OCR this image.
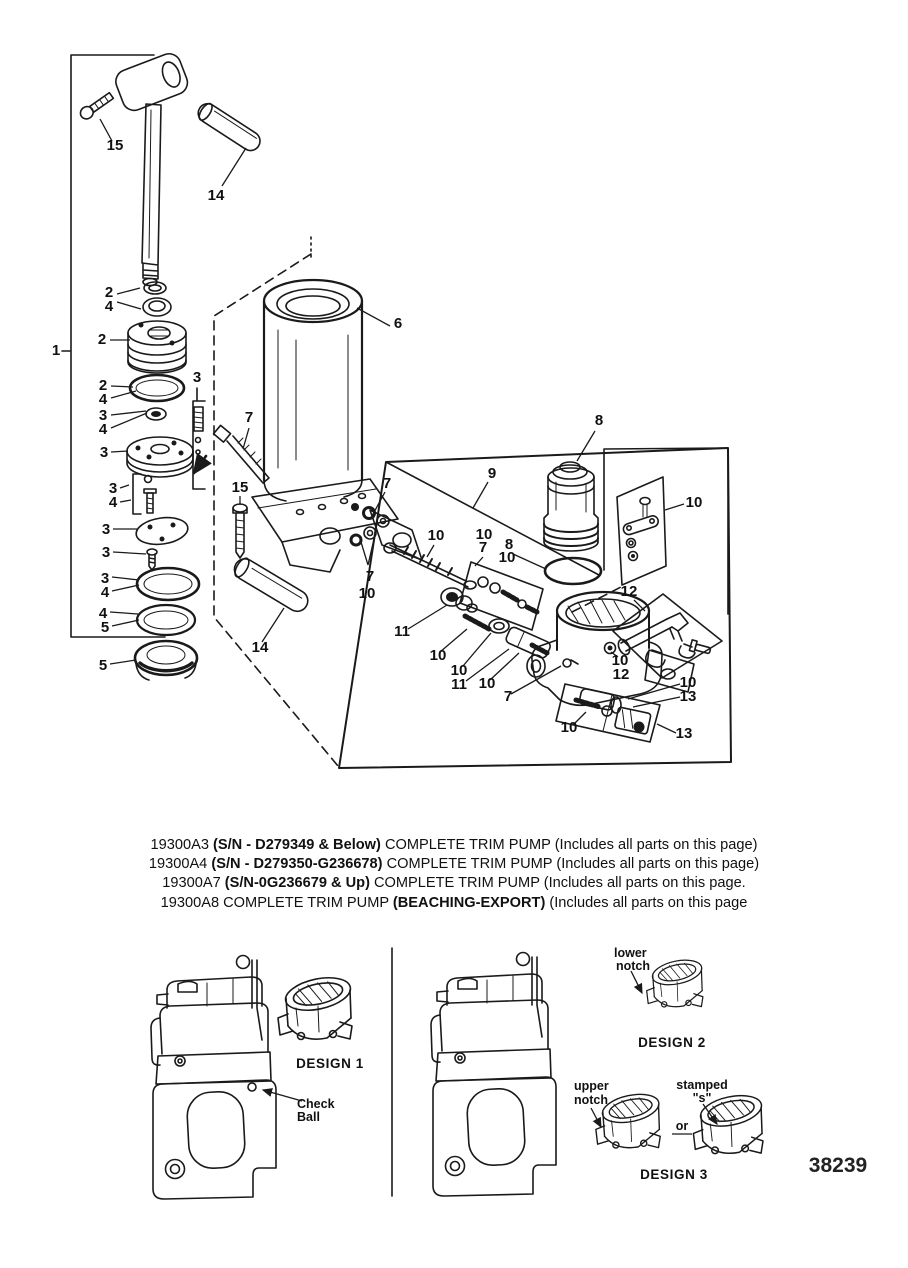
15
14
2
4
1
2
2
4
3
4
3
3
3
4
3
3
3
4
4
5
5
7
15
14
6
9
8
10
7
7
10
10 10
7 8
10
11
10
10
11 10
7
12
10
12	10
13
13
10
DESIGN 1
Check
Ball
lower
notch
DESIGN 2
upper
notch
stamped
"s"
or
DESIGN 3	38239
19300A3 (S/N - D279349 & Below) COMPLETE TRIM PUMP (Includes all parts on this page)
19300A4 (S/N - D279350-G236678) COMPLETE TRIM PUMP (Includes all parts on this page)
19300A7 (S/N-0G236679 & Up) COMPLETE TRIM PUMP (Includes all parts on this page.
19300A8 COMPLETE TRIM PUMP (BEACHING-EXPORT) (Includes all parts on this page
